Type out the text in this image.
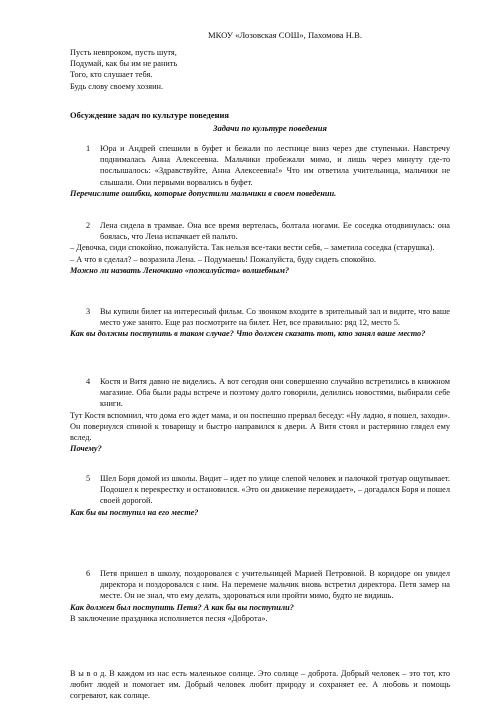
МКОУ «Лозовская СОШ», Пахомова Н.В.
Пусть невпроком, пусть шутя,
Подумай, как бы им не ранить
Того, кто слушает тебя.
Будь слову своему хозяин.
Обсуждение задач по культуре поведения
Задачи по культуре поведения
1	Юра и Андрей спешили в буфет и бежали по лестнице вниз через две ступеньки. Навстречу поднималась Анна Алексеевна. Мальчики пробежали мимо, и лишь через минуту где-то послышалось: «Здравствуйте, Анна Алексеевна!» Что им ответила учительница, мальчики не слышали. Они первыми ворвались в буфет.
Перечислите ошибки, которые допустили мальчики в своем поведении.
2	Лена сидела в трамвае. Она все время вертелась, болтала ногами. Ее соседка отодвинулась: она боялась, что Лена испачкает ей пальто.
– Девочка, сиди спокойно, пожалуйста. Так нельзя все-таки вести себя, – заметила соседка (старушка).
– А что я сделал? – возразила Лена. – Подумаешь! Пожалуйста, буду сидеть спокойно.
Можно ли назвать Леночкино «пожалуйста» волшебным?
3	Вы купили билет на интересный фильм. Со звонком входите в зрительный зал и видите, что ваше место уже занято. Еще раз посмотрите на билет. Нет, все правильно: ряд 12, место 5.
Как вы должны поступить в таком случае? Что должен сказать тот, кто занял ваше место?
4	Костя и Витя давно не виделись. А вот сегодня они совершенно случайно встретились в книжном магазине. Оба были рады встрече и поэтому долго говорили, делились новостями, выбирали себе книги.
Тут Костя вспомнил, что дома его ждет мама, и он поспешно прервал беседу: «Ну ладно, я пошел, заходи». Он повернулся спиной к товарищу и быстро направился к двери. А Витя стоял и растерянно глядел ему вслед.
Почему?
5	Шел Боря домой из школы. Видит – идет по улице слепой человек и палочкой тротуар ощупывает. Подошел к перекрестку и остановился. «Это он движение пережидает», – догадался Боря и пошел своей дорогой.
Как бы вы поступил на его месте?
6	Петя пришел в школу, поздоровался с учительницей Марией Петровной. В коридоре он увидел директора и поздоровался с ним. На перемене мальчик вновь встретил директора. Петя замер на месте. Он не знал, что ему делать, здороваться или пройти мимо, будто не видишь.
Как должен был поступить Петя? А как бы вы поступили?
В заключение праздника исполняется песня «Доброта».
В ы в о д. В каждом из нас есть маленькое солнце. Это солнце – доброта. Добрый человек – это тот, кто любит людей и помогает им. Добрый человек любит природу и сохраняет ее. А любовь и помощь согревают, как солнце.
